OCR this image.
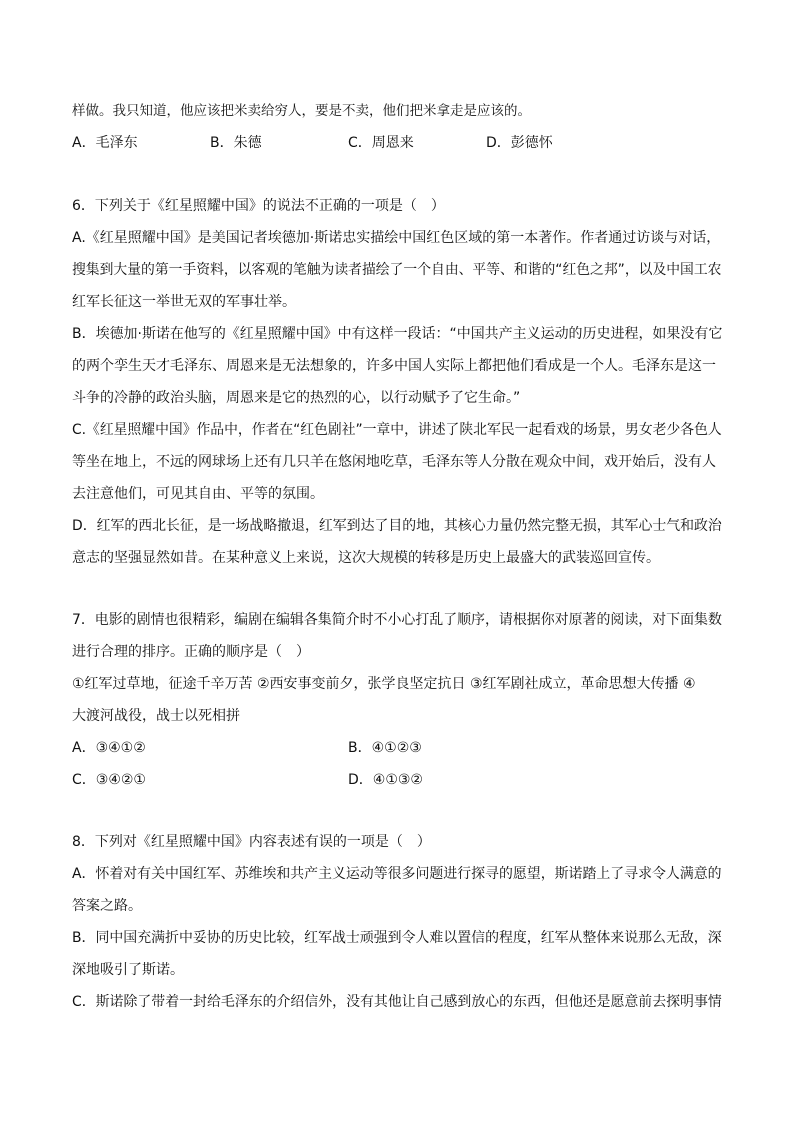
样做。我只知道，他应该把米卖给穷人，要是不卖，他们把米拿走是应该的。
A．毛泽东	B．朱德	C．周恩来	D．彭德怀
6．下列关于《红星照耀中国》的说法不正确的一项是（　）
A.《红星照耀中国》是美国记者埃德加·斯诺忠实描绘中国红色区域的第一本著作。作者通过访谈与对话，
搜集到大量的第一手资料，以客观的笔触为读者描绘了一个自由、平等、和谐的“红色之邦”，以及中国工农
红军长征这一举世无双的军事壮举。
B．埃德加·斯诺在他写的《红星照耀中国》中有这样一段话：“中国共产主义运动的历史进程，如果没有它
的两个孪生天才毛泽东、周恩来是无法想象的，许多中国人实际上都把他们看成是一个人。毛泽东是这一
斗争的冷静的政治头脑，周恩来是它的热烈的心，以行动赋予了它生命。”
C.《红星照耀中国》作品中，作者在“红色剧社”一章中，讲述了陕北军民一起看戏的场景，男女老少各色人
等坐在地上，不远的网球场上还有几只羊在悠闲地吃草，毛泽东等人分散在观众中间，戏开始后，没有人
去注意他们，可见其自由、平等的氛围。
D．红军的西北长征，是一场战略撤退，红军到达了目的地，其核心力量仍然完整无损，其军心士气和政治
意志的坚强显然如昔。在某种意义上来说，这次大规模的转移是历史上最盛大的武装巡回宣传。
7．电影的剧情也很精彩，编剧在编辑各集简介时不小心打乱了顺序，请根据你对原著的阅读，对下面集数
进行合理的排序。正确的顺序是（　）
①红军过草地，征途千辛万苦 ②西安事变前夕，张学良坚定抗日 ③红军剧社成立，革命思想大传播 ④
大渡河战役，战士以死相拼
A．③④①②	B．④①②③
C．③④②①	D．④①③②
8．下列对《红星照耀中国》内容表述有误的一项是（　）
A．怀着对有关中国红军、苏维埃和共产主义运动等很多问题进行探寻的愿望，斯诺踏上了寻求令人满意的
答案之路。
B．同中国充满折中妥协的历史比较，红军战士顽强到令人难以置信的程度，红军从整体来说那么无敌，深
深地吸引了斯诺。
C．斯诺除了带着一封给毛泽东的介绍信外，没有其他让自己感到放心的东西，但他还是愿意前去探明事情
